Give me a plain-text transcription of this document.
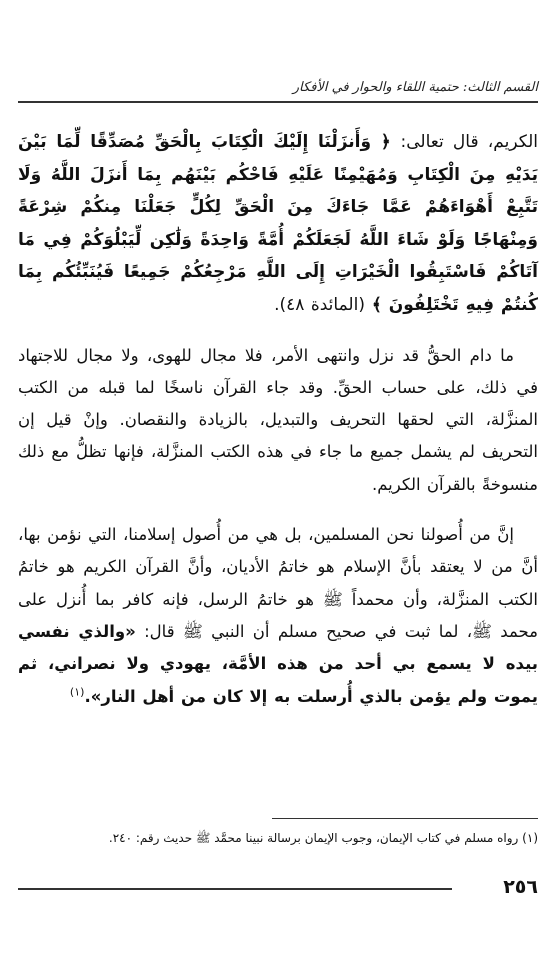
القسم الثالث: حتمية اللقاء والحوار في الأفكار

الكريم، قال تعالى: ﴿ وَأَنزَلْنَا إِلَيْكَ الْكِتَابَ بِالْحَقِّ مُصَدِّقًا لِّمَا بَيْنَ يَدَيْهِ مِنَ الْكِتَابِ وَمُهَيْمِنًا عَلَيْهِ فَاحْكُم بَيْنَهُم بِمَا أَنزَلَ اللَّهُ وَلَا تَتَّبِعْ أَهْوَاءَهُمْ عَمَّا جَاءَكَ مِنَ الْحَقِّ لِكُلٍّ جَعَلْنَا مِنكُمْ شِرْعَةً وَمِنْهَاجًا وَلَوْ شَاءَ اللَّهُ لَجَعَلَكُمْ أُمَّةً وَاحِدَةً وَلَٰكِن لِّيَبْلُوَكُمْ فِي مَا آتَاكُمْ فَاسْتَبِقُوا الْخَيْرَاتِ إِلَى اللَّهِ مَرْجِعُكُمْ جَمِيعًا فَيُنَبِّئُكُم بِمَا كُنتُمْ فِيهِ تَخْتَلِفُونَ ﴾ (المائدة ٤٨).

ما دام الحقُّ قد نزل وانتهى الأمر، فلا مجال للهوى، ولا مجال للاجتهاد في ذلك، على حساب الحقِّ. وقد جاء القرآن ناسخًا لما قبله من الكتب المنزَّلة، التي لحقها التحريف والتبديل، بالزيادة والنقصان. وإنْ قيل إن التحريف لم يشمل جميع ما جاء في هذه الكتب المنزَّلة، فإنها تظلُّ مع ذلك منسوخةً بالقرآن الكريم.

إنَّ من أُصولنا نحن المسلمين، بل هي من أُصول إسلامنا، التي نؤمن بها، أنَّ من لا يعتقد بأنَّ الإسلام هو خاتمُ الأديان، وأنَّ القرآن الكريم هو خاتمُ الكتب المنزَّلة، وأن محمداً ﷺ هو خاتمُ الرسل، فإنه كافر بما أُنزل على محمد ﷺ، لما ثبت في صحيح مسلم أن النبي ﷺ قال: «والذي نفسي بيده لا يسمع بي أحد من هذه الأمَّة، يهودي ولا نصراني، ثم يموت ولم يؤمن بالذي أُرسلت به إلا كان من أهل النار».$^{(١)}$

(١) رواه مسلم في كتاب الإيمان، وجوب الإيمان برسالة نبينا محمَّد ﷺ حديث رقم: ٢٤٠.
٢٥٦
